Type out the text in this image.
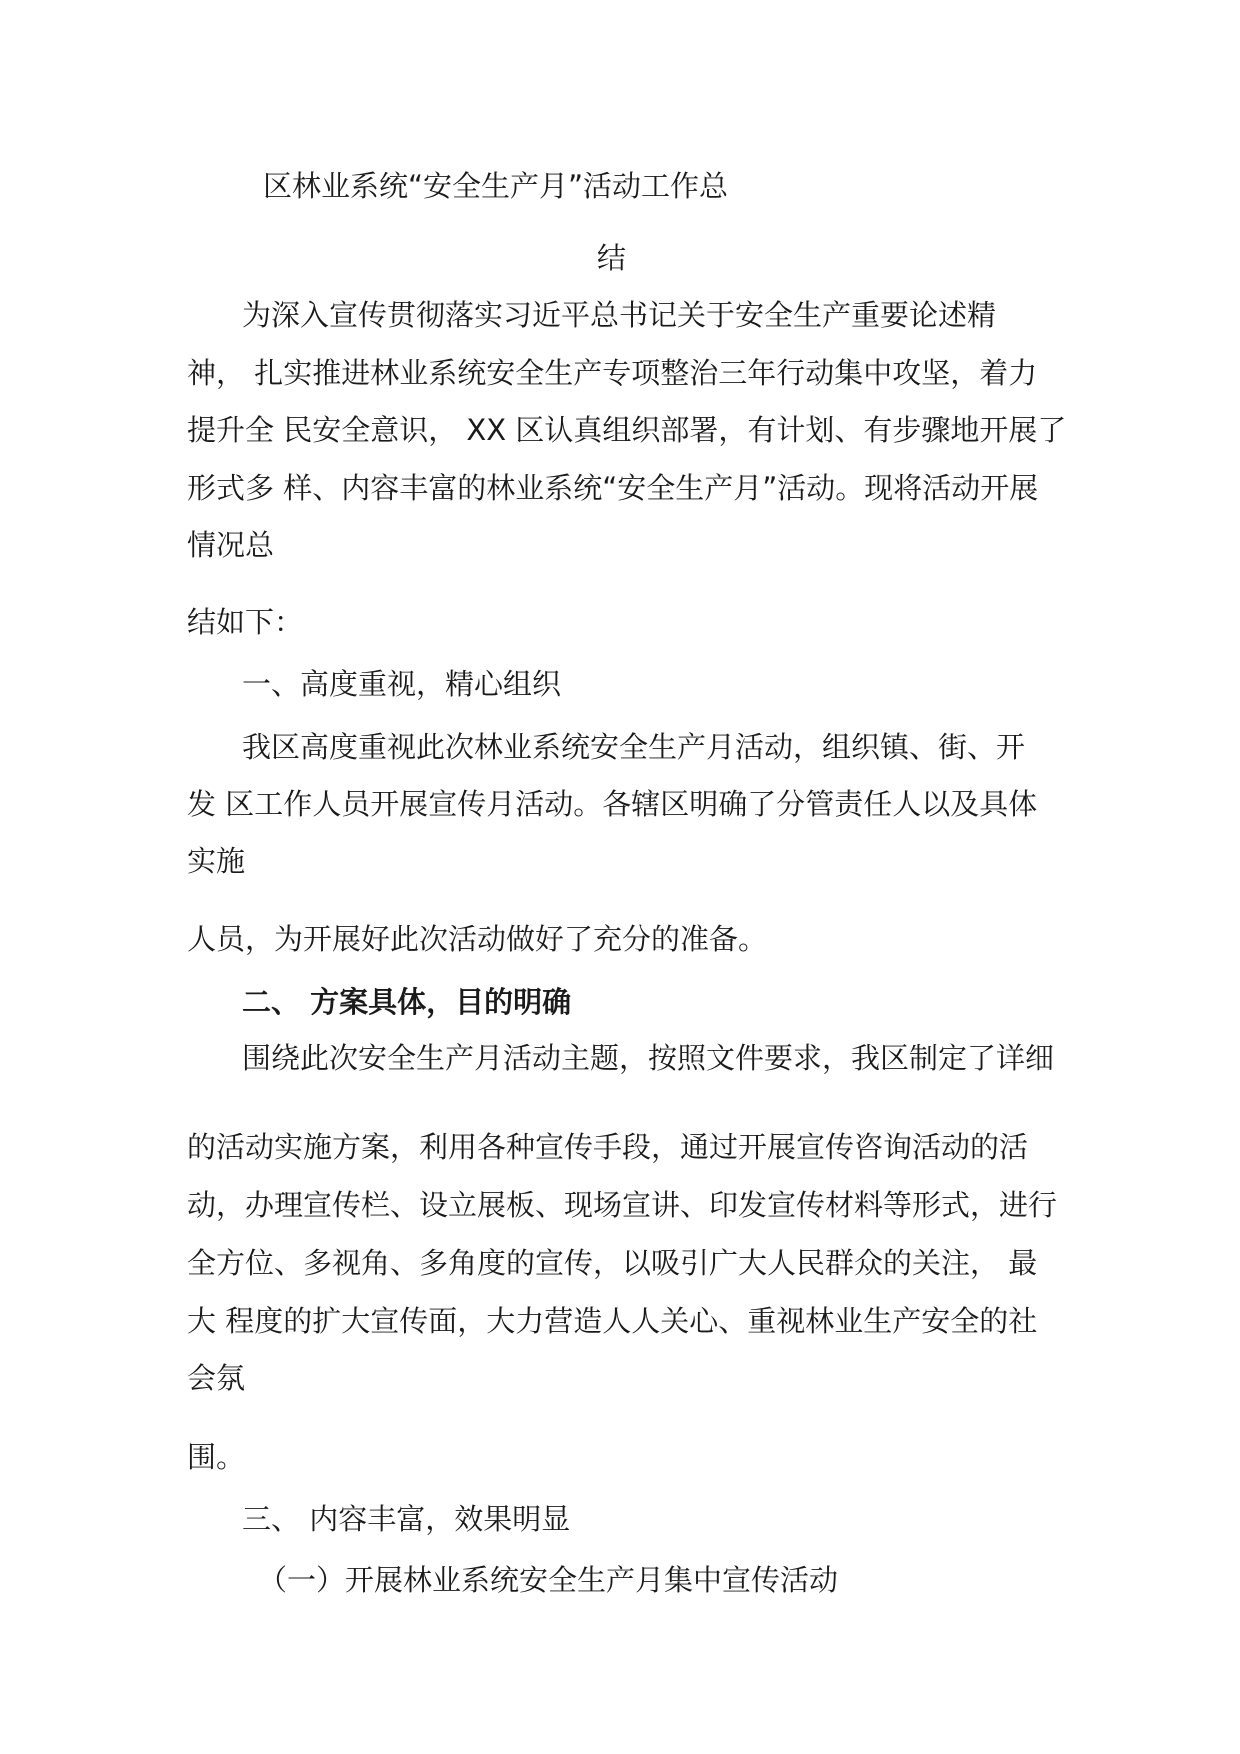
区林业系统“安全生产月”活动工作总
结
为深入宣传贯彻落实习近平总书记关于安全生产重要论述精
神， 扎实推进林业系统安全生产专项整治三年行动集中攻坚，着力
提升全 民安全意识， XX 区认真组织部署，有计划、有步骤地开展了
形式多 样、内容丰富的林业系统“安全生产月”活动。现将活动开展
情况总
结如下：
一、高度重视，精心组织
我区高度重视此次林业系统安全生产月活动，组织镇、街、开
发 区工作人员开展宣传月活动。各辖区明确了分管责任人以及具体
实施
人员，为开展好此次活动做好了充分的准备。
二、 方案具体，目的明确
围绕此次安全生产月活动主题，按照文件要求，我区制定了详细
的活动实施方案，利用各种宣传手段，通过开展宣传咨询活动的活
动，办理宣传栏、设立展板、现场宣讲、印发宣传材料等形式，进行
全方位、多视角、多角度的宣传，以吸引广大人民群众的关注， 最
大 程度的扩大宣传面，大力营造人人关心、重视林业生产安全的社
会氛
围。
三、 内容丰富，效果明显
（一）开展林业系统安全生产月集中宣传活动
